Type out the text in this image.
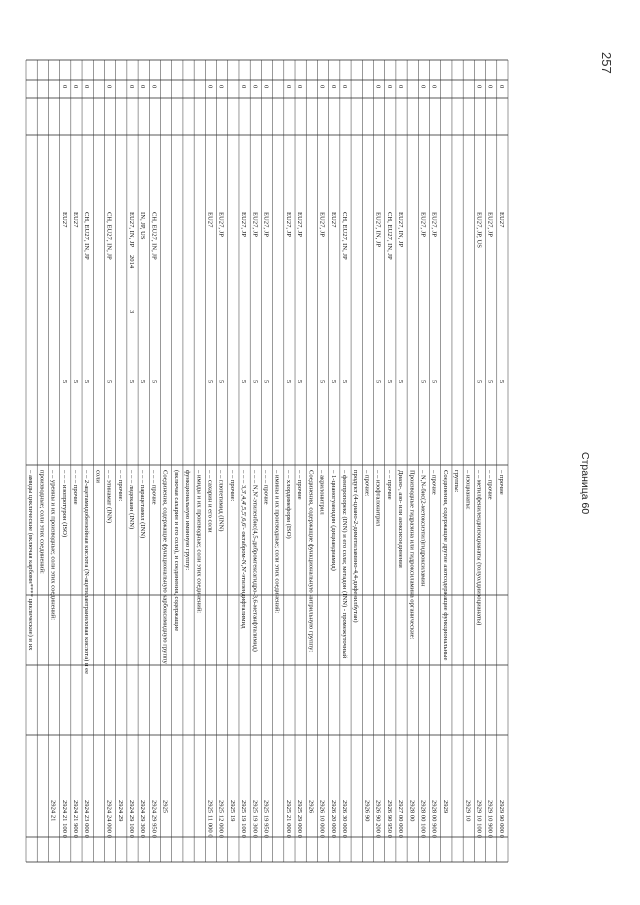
257
Страница 60
– амиды циклические (включая карбомн**** циклические) и их производные; соли этих соединений: – – уреины и их производные; соли этих соединений:
2924 21
0
EU27
5
– – – изопротурон (ISO)
2924 21 100 0
0
EU27
5
– – – прочие
2924 21 900 0
0
CH, EU27, IN, JP
5
– – 2-ацетамидобензойная кислота (N-ацетилантраниловая кислота) и ее
2924 23 000 0
соли
0
CH, EU27, IN, JP
5
– – этинамат (INN)
2924 24 000 0
– – прочие:
2924 29
0
EU27, IN, JP
2014
3
5
– – – лидокаин (INN)
2924 29 100 0
0
IN, JP, US
5
– – – парацетамол (INN)
2924 29 300 0
0
CH, EU27, IN, JP
5
– – – прочие
2924 29 950 0
Соединения, содержащие функциональную карбоксимидную группу
2925
(включая сахарин и его соли), и соединения, содержащие функциональную иминную группу: – имиды и их производные; соли этих соединений:
0
EU27
5
– – сахарин и его соли
2925 11 000 0
0
EU27, JP
5
– – глютетимид (INN)
2925 12 000 0
– – прочие:
2925 19
0
EU27, JP
5
– – – 3,3',4,4',5,5',6,6'- октабром-N,N'-этилендифталимид
2925 19 100 0
0
EU27, JP
5
– – – N,N'-этиленбис(4,5-дибромгексагидро-3,6-метанфталимид)
2925 19 300 0
0
EU27, JP
5
– – – прочие
2925 19 950 0
– имины и их производные; соли этих соединений:
0
EU27, JP
5
– – хлордимеформ (ISO)
2925 21 000 0
0
EU27, JP
5
– – прочие
2925 29 000 0
Соединения, содержащие функциональную нитрильную группу:
2926
0
EU27, JP
5
– акрилонитрил
2926 10 000 0
0
EU27
5
– 1-цианогуанидин (дициандиамид)
2926 20 000 0
0
CH, EU27, IN, JP
5
– фенпропорекс (INN) и его соли; метадон (INN) - промежуточный
2926 30 000 0
продукт (4-циано-2-диметиламино-4,4-дифенилбутан) – прочие:
2926 90
0
EU27, IN, JP
5
– – изофталонитрил
2926 90 200 0
0
CH, EU27, IN, JP
5
– – прочие
2926 90 950 0
0
EU27, IN, JP
5
Диазо-, азо- или азоксисоединения
2927 00 000 0
Производные гидразина или гидроксиламина органические:
2928 00
0
EU27, JP
5
– N,N-бис(2-метоксиэтил)гидроксиламин
2928 00 100 0
0
EU27, JP
5
– прочие
2928 00 900 0
Соединения, содержащие другие азотсодержащие функциональные
2929
группы: – изоцианаты:
2929 10
0
EU27, JP, US
5
– – метилфенилендиизоцианаты (толуолдиизоцианаты)
2929 10 100 0
0
EU27, JP
5
– – прочие
2929 10 900 0
0
EU27
5
– прочие
2929 90 000 0
